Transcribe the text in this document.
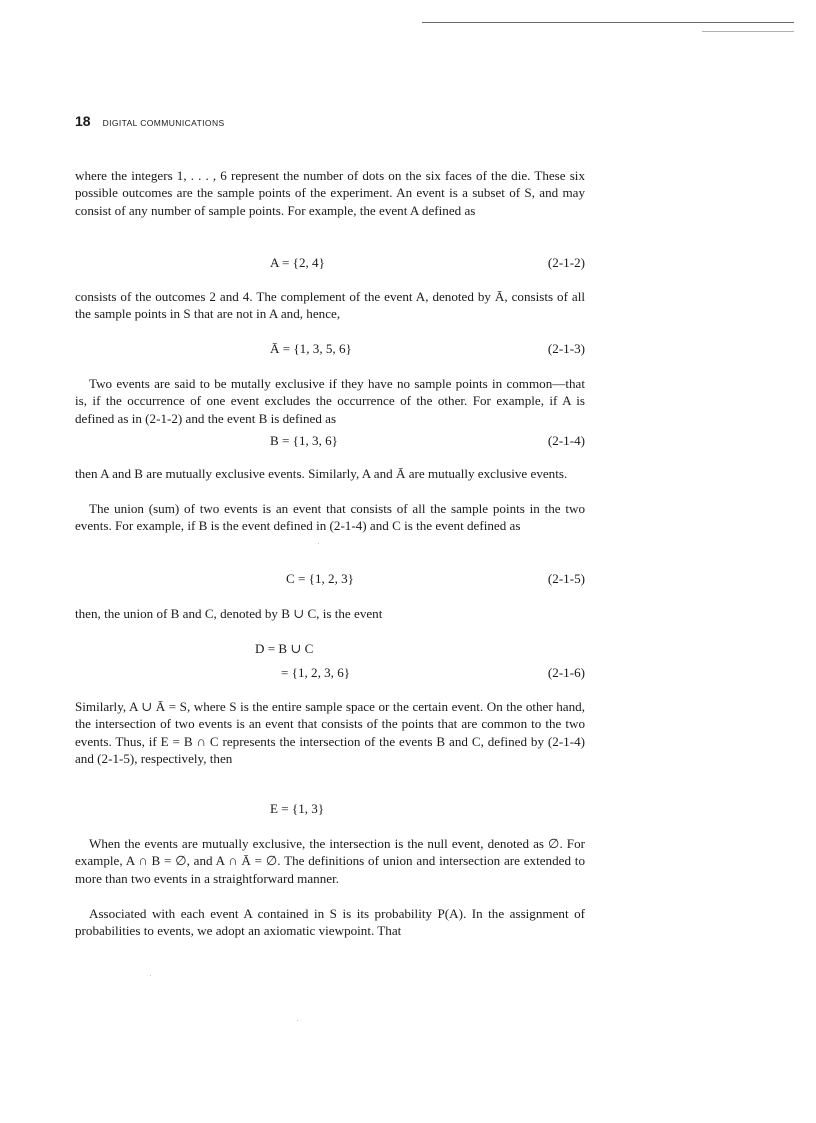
18 DIGITAL COMMUNICATIONS

where the integers 1, . . . , 6 represent the number of dots on the six faces of the die. These six possible outcomes are the sample points of the experiment. An event is a subset of S, and may consist of any number of sample points. For example, the event A defined as

A = {2, 4}	(2-1-2)

consists of the outcomes 2 and 4. The complement of the event A, denoted by Ā, consists of all the sample points in S that are not in A and, hence,

Ā = {1, 3, 5, 6}	(2-1-3)

Two events are said to be mutally exclusive if they have no sample points in common—that is, if the occurrence of one event excludes the occurrence of the other. For example, if A is defined as in (2-1-2) and the event B is defined as

B = {1, 3, 6}	(2-1-4)

then A and B are mutually exclusive events. Similarly, A and Ā are mutually exclusive events.

The union (sum) of two events is an event that consists of all the sample points in the two events. For example, if B is the event defined in (2-1-4) and C is the event defined as

C = {1, 2, 3}	(2-1-5)

then, the union of B and C, denoted by B ∪ C, is the event

D = B ∪ C
= {1, 2, 3, 6}	(2-1-6)

Similarly, A ∪ Ā = S, where S is the entire sample space or the certain event. On the other hand, the intersection of two events is an event that consists of the points that are common to the two events. Thus, if E = B ∩ C represents the intersection of the events B and C, defined by (2-1-4) and (2-1-5), respectively, then

E = {1, 3}

When the events are mutually exclusive, the intersection is the null event, denoted as ∅. For example, A ∩ B = ∅, and A ∩ Ā = ∅. The definitions of union and intersection are extended to more than two events in a straightforward manner.

Associated with each event A contained in S is its probability P(A). In the assignment of probabilities to events, we adopt an axiomatic viewpoint. That
